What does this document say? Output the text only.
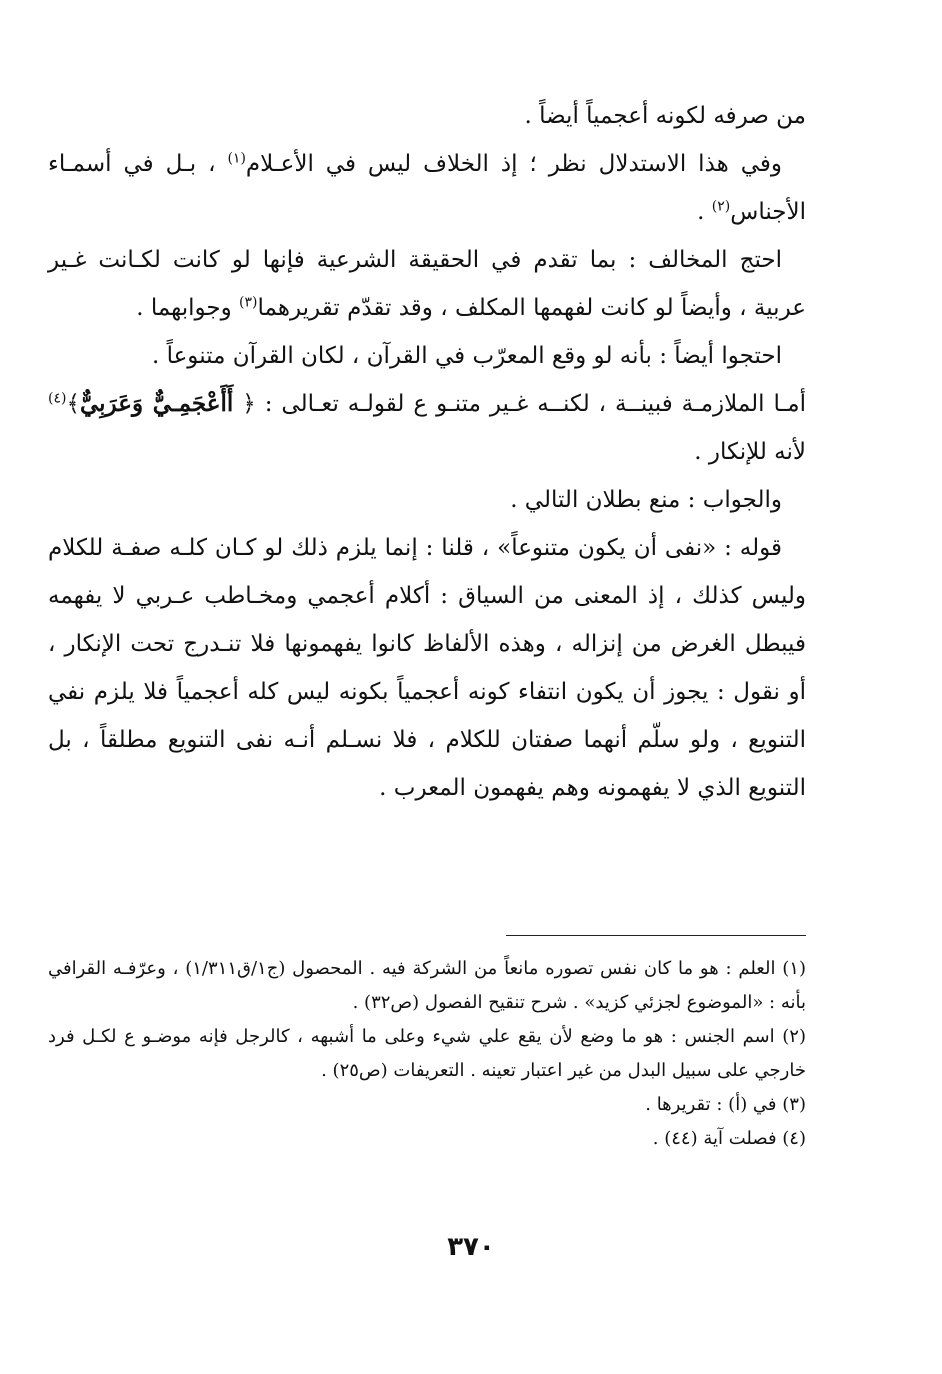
من صرفه لكونه أعجمياً أيضاً .

وفي هذا الاستدلال نظر ؛ إذ الخلاف ليس في الأعـلام$^{(١)}$ ، بـل في أسمـاء الأجناس$^{(٢)}$ .

احتج المخالف : بما تقدم في الحقيقة الشرعية فإنها لو كانت لكـانت غـير عربية ، وأيضاً لو كانت لفهمها المكلف ، وقد تقدّم تقريرهما$^{(٣)}$ وجوابهما .

احتجوا أيضاً : بأنه لو وقع المعرّب في القرآن ، لكان القرآن متنوعاً .

أمـا الملازمـة فبينــة ، لكنــه غـير متنـو ع لقولـه تعـالى : ﴿ أَأَعْجَمِـيٌّ وَعَرَبِيٌّ﴾$^{(٤)}$ لأنه للإنكار .

والجواب : منع بطلان التالي .

قوله : «نفى أن يكون متنوعاً» ، قلنا : إنما يلزم ذلك لو كـان كلـه صفـة للكلام وليس كذلك ، إذ المعنى من السياق : أكلام أعجمي ومخـاطب عـربي لا يفهمه فيبطل الغرض من إنزاله ، وهذه الألفاظ كانوا يفهمونها فلا تنـدرج تحت الإنكار ، أو نقول : يجوز أن يكون انتفاء كونه أعجمياً بكونه ليس كله أعجمياً فلا يلزم نفي التنويع ، ولو سلّم أنهما صفتان للكلام ، فلا نسـلم أنـه نفى التنويع مطلقاً ، بل التنويع الذي لا يفهمونه وهم يفهمون المعرب .

(١) العلم : هو ما كان نفس تصوره مانعاً من الشركة فيه . المحصول (ج١/ق١/٣١١) ، وعرّفـه القرافي بأنه : «الموضوع لجزئي كزيد» . شرح تنقيح الفصول (ص٣٢) .

(٢) اسم الجنس : هو ما وضع لأن يقع علي شيء وعلى ما أشبهه ، كالرجل فإنه موضـو ع لكـل فرد خارجي على سبيل البدل من غير اعتبار تعينه . التعريفات (ص٢٥) .

(٣) في (أ) : تقريرها .

(٤) فصلت آية (٤٤) .

٣٧٠
